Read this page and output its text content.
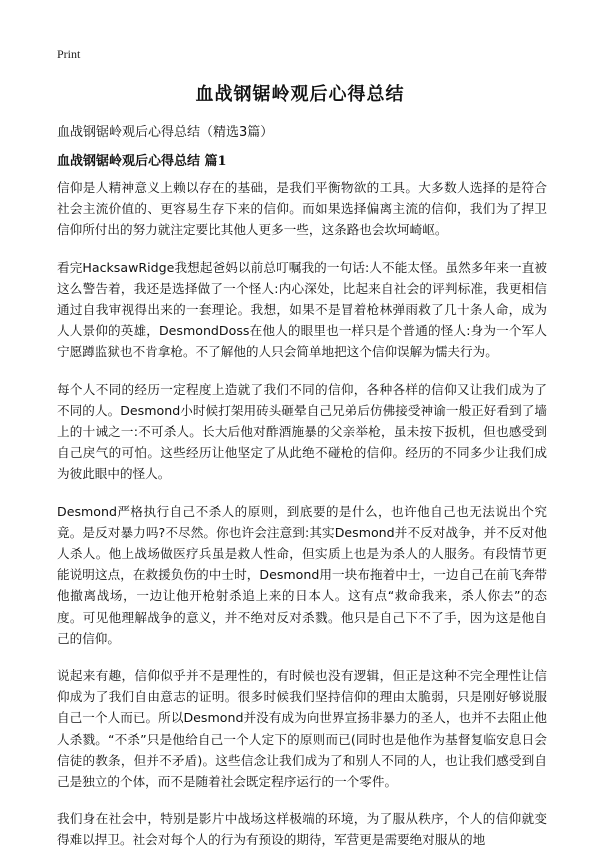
Print
血战钢锯岭观后心得总结
血战钢锯岭观后心得总结（精选3篇）
血战钢锯岭观后心得总结 篇1

信仰是人精神意义上赖以存在的基础，是我们平衡物欲的工具。大多数人选择的是符合社会主流价值的、更容易生存下来的信仰。而如果选择偏离主流的信仰，我们为了捍卫信仰所付出的努力就注定要比其他人更多一些，这条路也会坎坷崎岖。

看完HacksawRidge我想起爸妈以前总叮嘱我的一句话:人不能太怪。虽然多年来一直被这么警告着，我还是选择做了一个怪人:内心深处，比起来自社会的评判标准，我更相信通过自我审视得出来的一套理论。我想，如果不是冒着枪林弹雨救了几十条人命，成为人人景仰的英雄，DesmondDoss在他人的眼里也一样只是个普通的怪人:身为一个军人宁愿蹲监狱也不肯拿枪。不了解他的人只会简单地把这个信仰误解为懦夫行为。

每个人不同的经历一定程度上造就了我们不同的信仰，各种各样的信仰又让我们成为了不同的人。Desmond小时候打架用砖头砸晕自己兄弟后仿佛接受神谕一般正好看到了墙上的十诫之一:不可杀人。长大后他对酢酒施暴的父亲举枪，虽未按下扳机，但也感受到自己戾气的可怕。这些经历让他坚定了从此绝不碰枪的信仰。经历的不同多少让我们成为彼此眼中的怪人。

Desmond严格执行自己不杀人的原则，到底要的是什么，也许他自己也无法说出个究竟。是反对暴力吗?不尽然。你也许会注意到:其实Desmond并不反对战争，并不反对他人杀人。他上战场做医疗兵虽是救人性命，但实质上也是为杀人的人服务。有段情节更能说明这点，在救援负伤的中士时，Desmond用一块布拖着中士，一边自己在前飞奔带他撤离战场，一边让他开枪射杀追上来的日本人。这有点“救命我来，杀人你去”的态度。可见他理解战争的意义，并不绝对反对杀戮。他只是自己下不了手，因为这是他自己的信仰。

说起来有趣，信仰似乎并不是理性的，有时候也没有逻辑，但正是这种不完全理性让信仰成为了我们自由意志的证明。很多时候我们坚持信仰的理由太脆弱，只是刚好够说服自己一个人而已。所以Desmond并没有成为向世界宣扬非暴力的圣人，也并不去阻止他人杀戮。“不杀”只是他给自己一个人定下的原则而已(同时也是他作为基督复临安息日会信徒的教条，但并不矛盾)。这些信念让我们成为了和别人不同的人，也让我们感受到自己是独立的个体，而不是随着社会既定程序运行的一个零件。

我们身在社会中，特别是影片中战场这样极端的环境，为了服从秩序，个人的信仰就变得难以捍卫。社会对每个人的行为有预设的期待，军营更是需要绝对服从的地
